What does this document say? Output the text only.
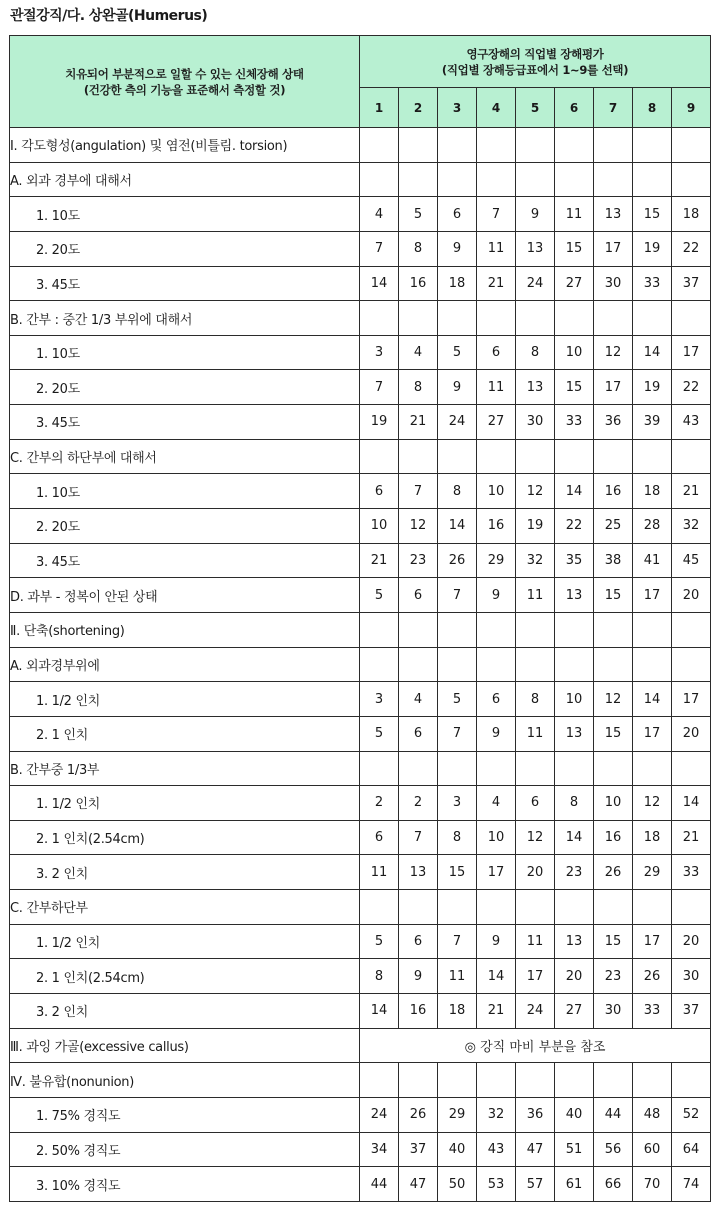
관절강직/다. 상완골(Humerus)
치유되어 부분적으로 일할 수 있는 신체장해 상태
(건강한 측의 기능을 표준해서 측정할 것)	영구장해의 직업별 장해평가
(직업별 장해등급표에서 1~9를 선택)								

	1	2	3	4	5	6	7	8	9
Ⅰ. 각도형성(angulation) 및 염전(비틀림. torsion)									
A. 외과 경부에 대해서									
1. 10도	4	5	6	7	9	11	13	15	18
2. 20도	7	8	9	11	13	15	17	19	22
3. 45도	14	16	18	21	24	27	30	33	37
B. 간부 : 중간 1/3 부위에 대해서									
1. 10도	3	4	5	6	8	10	12	14	17
2. 20도	7	8	9	11	13	15	17	19	22
3. 45도	19	21	24	27	30	33	36	39	43
C. 간부의 하단부에 대해서									
1. 10도	6	7	8	10	12	14	16	18	21
2. 20도	10	12	14	16	19	22	25	28	32
3. 45도	21	23	26	29	32	35	38	41	45
D. 과부 - 정복이 안된 상태	5	6	7	9	11	13	15	17	20
Ⅱ. 단축(shortening)									
A. 외과경부위에									
1. 1/2 인치	3	4	5	6	8	10	12	14	17
2. 1 인치	5	6	7	9	11	13	15	17	20
B. 간부중 1/3부									
1. 1/2 인치	2	2	3	4	6	8	10	12	14
2. 1 인치(2.54cm)	6	7	8	10	12	14	16	18	21
3. 2 인치	11	13	15	17	20	23	26	29	33
C. 간부하단부									
1. 1/2 인치	5	6	7	9	11	13	15	17	20
2. 1 인치(2.54cm)	8	9	11	14	17	20	23	26	30
3. 2 인치	14	16	18	21	24	27	30	33	37
Ⅲ. 과잉 가골(excessive callus)	◎ 강직 마비 부분을 참조								
Ⅳ. 불유합(nonunion)									
1. 75% 경직도	24	26	29	32	36	40	44	48	52
2. 50% 경직도	34	37	40	43	47	51	56	60	64
3. 10% 경직도	44	47	50	53	57	61	66	70	74
